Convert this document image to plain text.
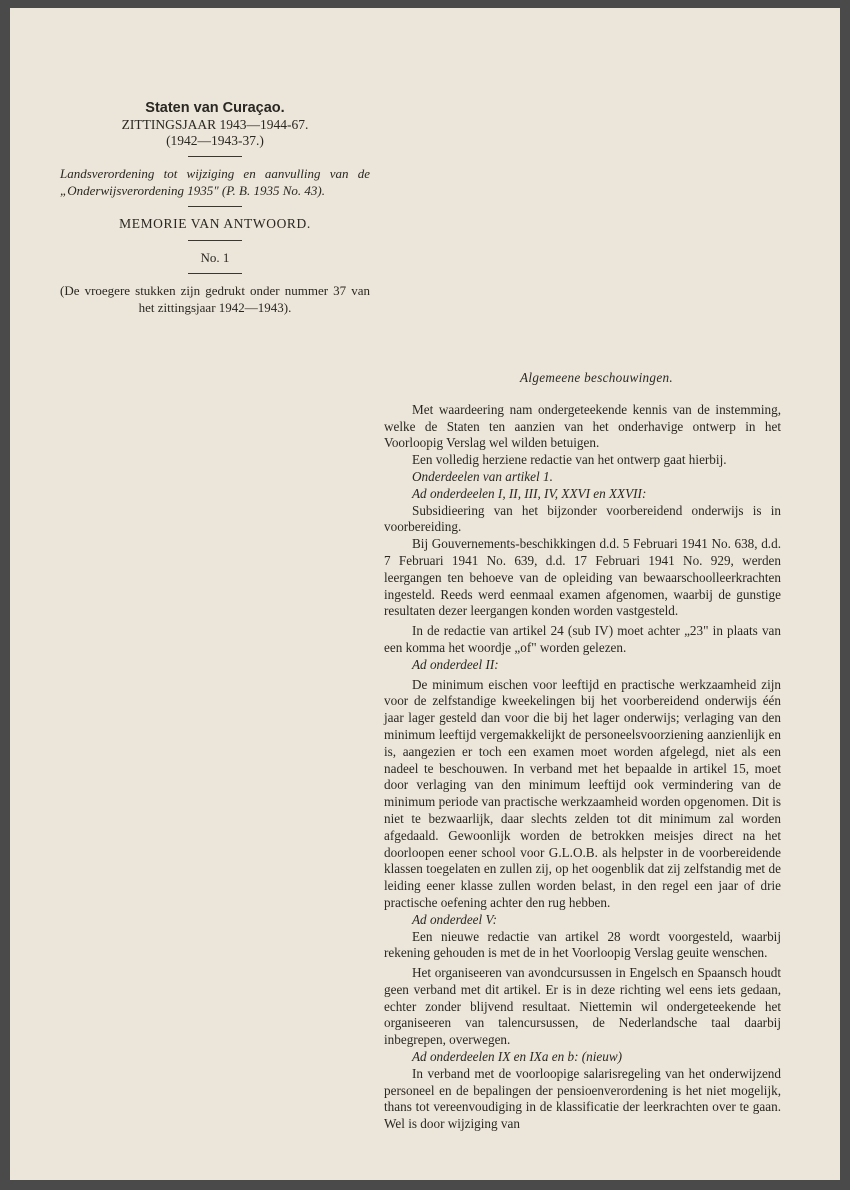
Staten van Curaçao.

ZITTINGSJAAR 1943—1944-67.

(1942—1943-37.)

Landsverordening tot wijziging en aanvulling van de „Onderwijsverordening 1935" (P. B. 1935 No. 43).

MEMORIE VAN ANTWOORD.

No. 1

(De vroegere stukken zijn gedrukt onder nummer 37 van het zittingsjaar 1942—1943).

Algemeene beschouwingen.

Met waardeering nam ondergeteekende kennis van de instemming, welke de Staten ten aanzien van het onderhavige ontwerp in het Voorloopig Verslag wel wilden betuigen.

Een volledig herziene redactie van het ontwerp gaat hierbij.

Onderdeelen van artikel 1.

Ad onderdeelen I, II, III, IV, XXVI en XXVII:

Subsidieering van het bijzonder voorbereidend onderwijs is in voorbereiding.

Bij Gouvernements-beschikkingen d.d. 5 Februari 1941 No. 638, d.d. 7 Februari 1941 No. 639, d.d. 17 Februari 1941 No. 929, werden leergangen ten behoeve van de opleiding van bewaarschoolleerkrachten ingesteld. Reeds werd eenmaal examen afgenomen, waarbij de gunstige resultaten dezer leergangen konden worden vastgesteld.

In de redactie van artikel 24 (sub IV) moet achter „23" in plaats van een komma het woordje „of" worden gelezen.

Ad onderdeel II:

De minimum eischen voor leeftijd en practische werkzaamheid zijn voor de zelfstandige kweekelingen bij het voorbereidend onderwijs één jaar lager gesteld dan voor die bij het lager onderwijs; verlaging van den minimum leeftijd vergemakkelijkt de personeelsvoorziening aanzienlijk en is, aangezien er toch een examen moet worden afgelegd, niet als een nadeel te beschouwen. In verband met het bepaalde in artikel 15, moet door verlaging van den minimum leeftijd ook vermindering van de minimum periode van practische werkzaamheid worden opgenomen. Dit is niet te bezwaarlijk, daar slechts zelden tot dit minimum zal worden afgedaald. Gewoonlijk worden de betrokken meisjes direct na het doorloopen eener school voor G.L.O.B. als helpster in de voorbereidende klassen toegelaten en zullen zij, op het oogenblik dat zij zelfstandig met de leiding eener klasse zullen worden belast, in den regel een jaar of drie practische oefening achter den rug hebben.

Ad onderdeel V:

Een nieuwe redactie van artikel 28 wordt voorgesteld, waarbij rekening gehouden is met de in het Voorloopig Verslag geuite wenschen.

Het organiseeren van avondcursussen in Engelsch en Spaansch houdt geen verband met dit artikel. Er is in deze richting wel eens iets gedaan, echter zonder blijvend resultaat. Niettemin wil ondergeteekende het organiseeren van talencursussen, de Nederlandsche taal daarbij inbegrepen, overwegen.

Ad onderdeelen IX en IXa en b: (nieuw)

In verband met de voorloopige salarisregeling van het onderwijzend personeel en de bepalingen der pensioenverordening is het niet mogelijk, thans tot vereenvoudiging in de klassificatie der leerkrachten over te gaan. Wel is door wijziging van
